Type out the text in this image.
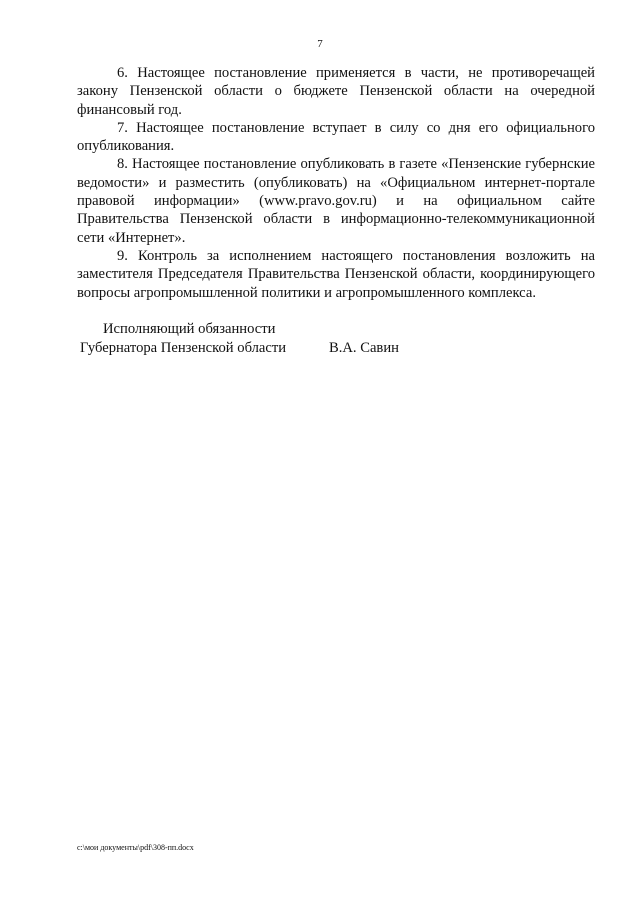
7

6. Настоящее постановление применяется в части, не противоречащей закону Пензенской области о бюджете Пензенской области на очередной финансовый год.

7. Настоящее постановление вступает в силу со дня его официального опубликования.

8. Настоящее постановление опубликовать в газете «Пензенские губернские ведомости» и разместить (опубликовать) на «Официальном интернет-портале правовой информации» (www.pravo.gov.ru) и на официальном сайте Правительства Пензенской области в информационно-телекоммуникационной сети «Интернет».

9. Контроль за исполнением настоящего постановления возложить на заместителя Председателя Правительства Пензенской области, координирующего вопросы агропромышленной политики и агропромышленного комплекса.

Исполняющий обязанности
Губернатора Пензенской области	В.А. Савин
c:\мои документы\pdf\308-пп.docx
